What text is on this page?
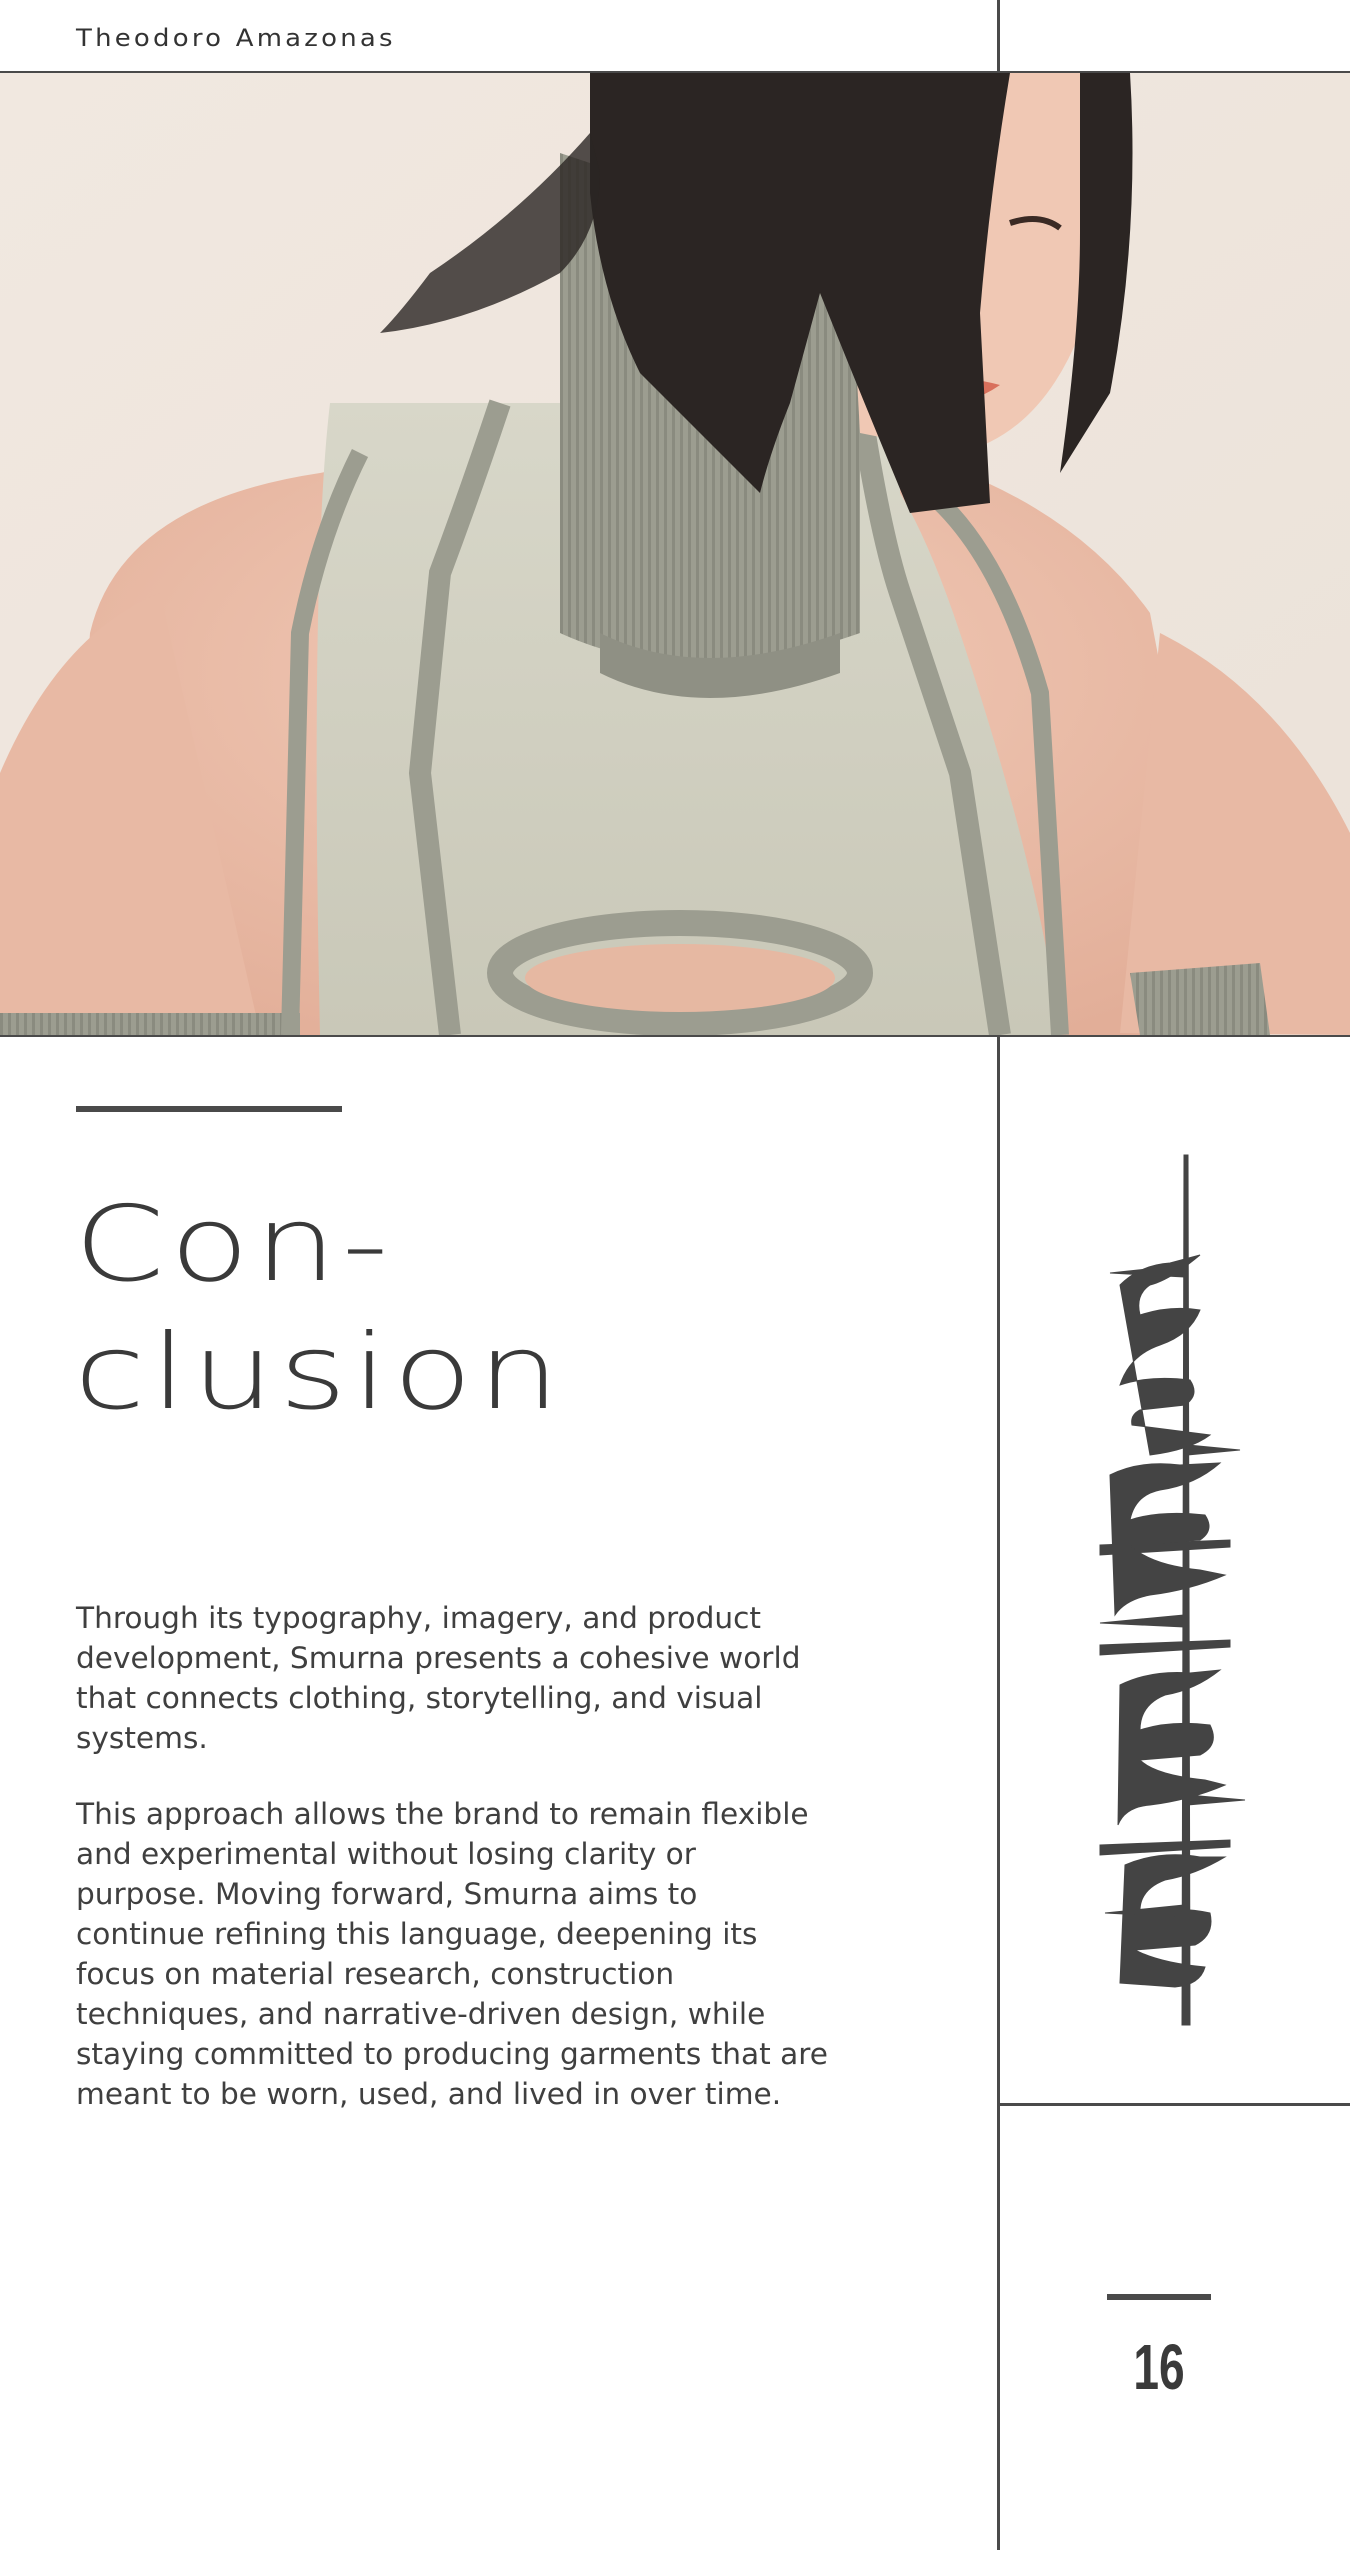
Theodoro Amazonas
Con-
clusion

Through its typography, imagery, and product development, Smurna presents a cohesive world that connects clothing, storytelling, and visual systems.

This approach allows the brand to remain flexible and experimental without losing clarity or purpose. Moving forward, Smurna aims to continue refining this language, deepening its focus on material research, construction techniques, and narrative-driven design, while staying committed to producing garments that are meant to be worn, used, and lived in over time.

16
